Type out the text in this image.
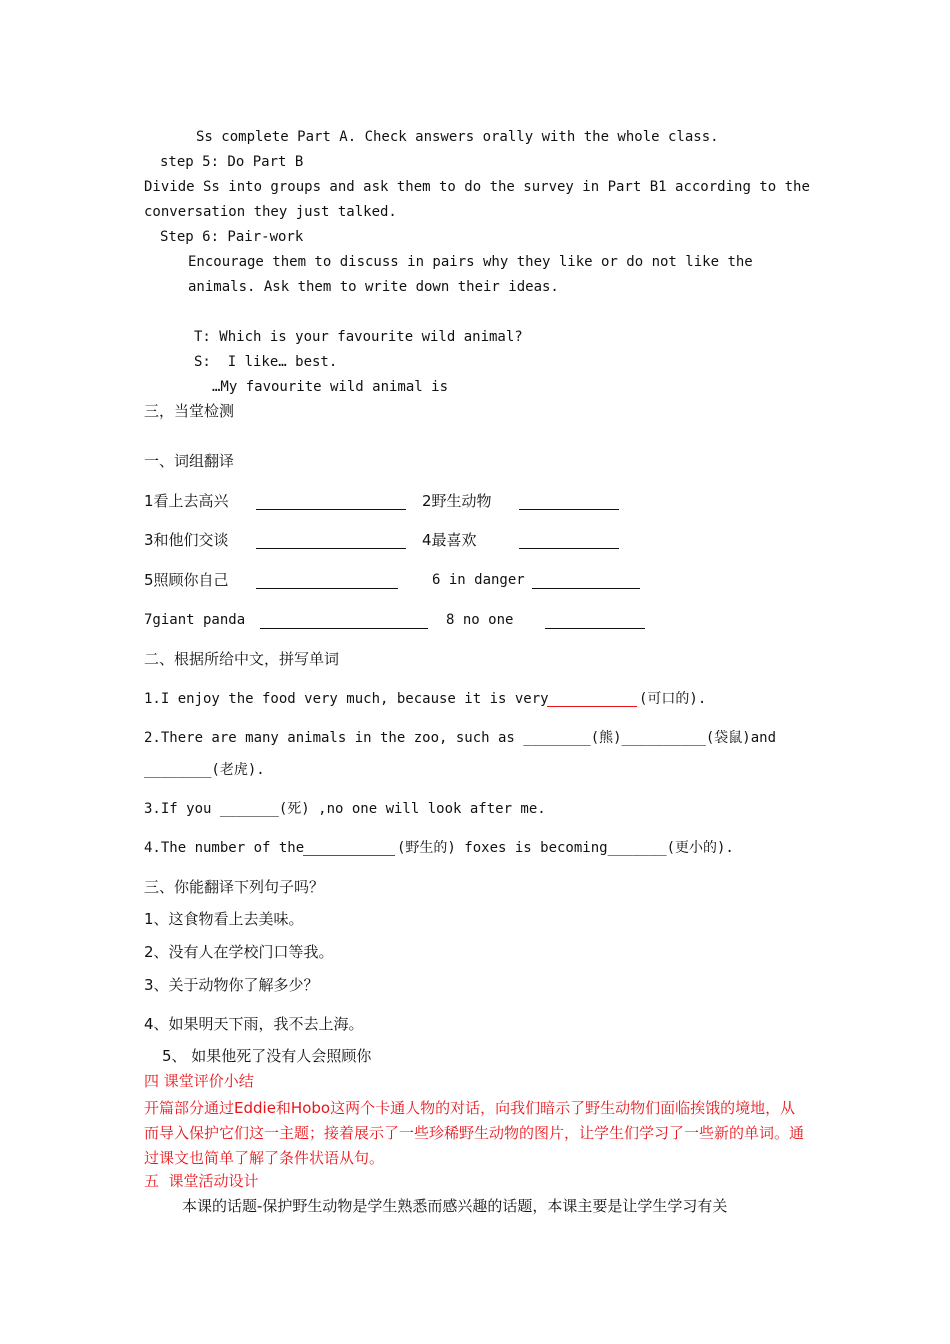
Ss complete Part A. Check answers orally with the whole class.
step 5: Do Part B
Divide Ss into groups and ask them to do the survey in Part B1 according to the
conversation they just talked.
Step 6: Pair-work
Encourage them to discuss in pairs why they like or do not like the
animals. Ask them to write down their ideas.
T: Which is your favourite wild animal?
S:  I like… best.
…My favourite wild animal is
三，当堂检测
一、词组翻译
1看上去高兴	2野生动物
3和他们交谈	4最喜欢
5照顾你自己	6 in danger
7giant panda	8 no one
二、根据所给中文，拼写单词
1.I enjoy the food very much, because it is very	(可口的).
2.There are many animals in the zoo, such as ________(熊)__________(袋鼠)and
________(老虎).
3.If you _______(死) ,no one will look after me.
4.The number of the	(野生的) foxes is becoming_______(更小的).
三、你能翻译下列句子吗？
1、这食物看上去美味。
2、没有人在学校门口等我。
3、关于动物你了解多少？
4、如果明天下雨，我不去上海。
5、 如果他死了没有人会照顾你
四 课堂评价小结
开篇部分通过Eddie和Hobo这两个卡通人物的对话，向我们暗示了野生动物们面临挨饿的境地，从而导入保护它们这一主题；接着展示了一些珍稀野生动物的图片，让学生们学习了一些新的单词。通过课文也简单了解了条件状语从句。
五  课堂活动设计
本课的话题-保护野生动物是学生熟悉而感兴趣的话题，本课主要是让学生学习有关
